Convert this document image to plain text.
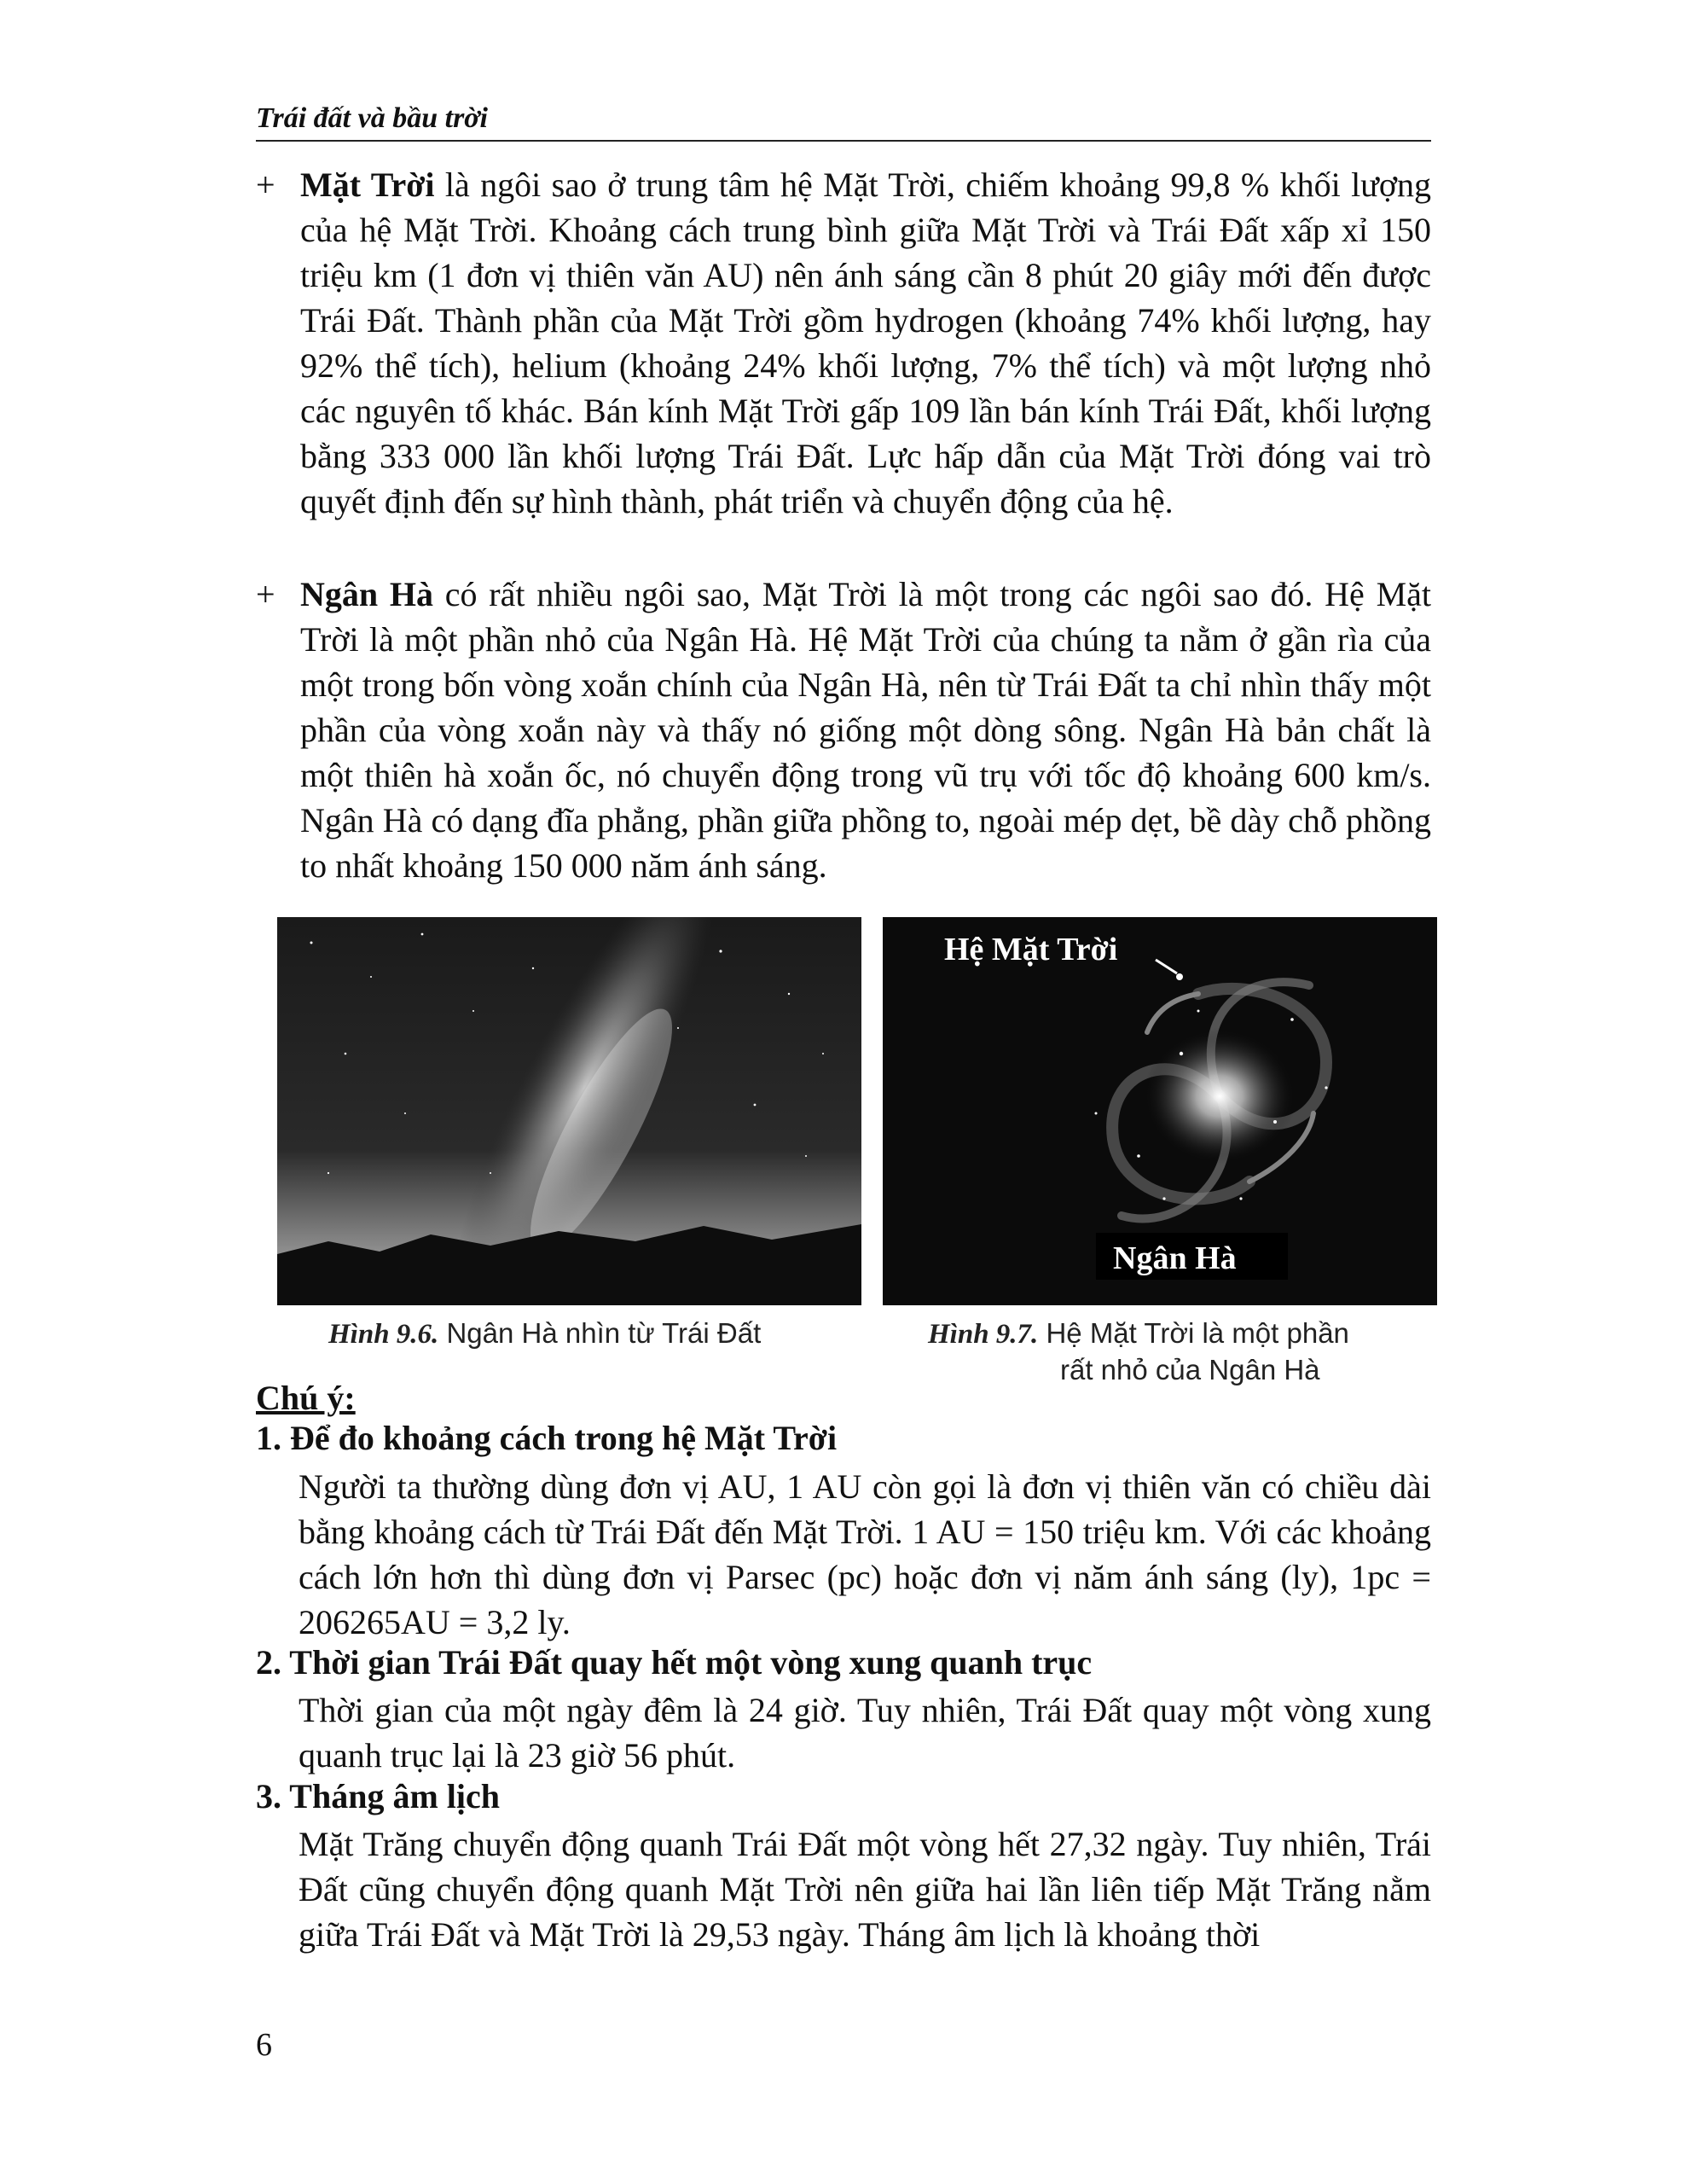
Trái đất và bầu trời
+ Mặt Trời là ngôi sao ở trung tâm hệ Mặt Trời, chiếm khoảng 99,8 % khối lượng của hệ Mặt Trời. Khoảng cách trung bình giữa Mặt Trời và Trái Đất xấp xỉ 150 triệu km (1 đơn vị thiên văn AU) nên ánh sáng cần 8 phút 20 giây mới đến được Trái Đất. Thành phần của Mặt Trời gồm hydrogen (khoảng 74% khối lượng, hay 92% thể tích), helium (khoảng 24% khối lượng, 7% thể tích) và một lượng nhỏ các nguyên tố khác. Bán kính Mặt Trời gấp 109 lần bán kính Trái Đất, khối lượng bằng 333 000 lần khối lượng Trái Đất. Lực hấp dẫn của Mặt Trời đóng vai trò quyết định đến sự hình thành, phát triển và chuyển động của hệ.
+ Ngân Hà có rất nhiều ngôi sao, Mặt Trời là một trong các ngôi sao đó. Hệ Mặt Trời là một phần nhỏ của Ngân Hà. Hệ Mặt Trời của chúng ta nằm ở gần rìa của một trong bốn vòng xoắn chính của Ngân Hà, nên từ Trái Đất ta chỉ nhìn thấy một phần của vòng xoắn này và thấy nó giống một dòng sông. Ngân Hà bản chất là một thiên hà xoắn ốc, nó chuyển động trong vũ trụ với tốc độ khoảng 600 km/s. Ngân Hà có dạng đĩa phẳng, phần giữa phồng to, ngoài mép dẹt, bề dày chỗ phồng to nhất khoảng 150 000 năm ánh sáng.
Hệ Mặt Trời
Ngân Hà
Hình 9.6. Ngân Hà nhìn từ Trái Đất	Hình 9.7. Hệ Mặt Trời là một phần
rất nhỏ của Ngân Hà
Chú ý:
1. Để đo khoảng cách trong hệ Mặt Trời
Người ta thường dùng đơn vị AU, 1 AU còn gọi là đơn vị thiên văn có chiều dài bằng khoảng cách từ Trái Đất đến Mặt Trời. 1 AU = 150 triệu km. Với các khoảng cách lớn hơn thì dùng đơn vị Parsec (pc) hoặc đơn vị năm ánh sáng (ly), 1pc = 206265AU = 3,2 ly.
2. Thời gian Trái Đất quay hết một vòng xung quanh trục
Thời gian của một ngày đêm là 24 giờ. Tuy nhiên, Trái Đất quay một vòng xung quanh trục lại là 23 giờ 56 phút.
3. Tháng âm lịch
Mặt Trăng chuyển động quanh Trái Đất một vòng hết 27,32 ngày. Tuy nhiên, Trái Đất cũng chuyển động quanh Mặt Trời nên giữa hai lần liên tiếp Mặt Trăng nằm giữa Trái Đất và Mặt Trời là 29,53 ngày. Tháng âm lịch là khoảng thời
6
